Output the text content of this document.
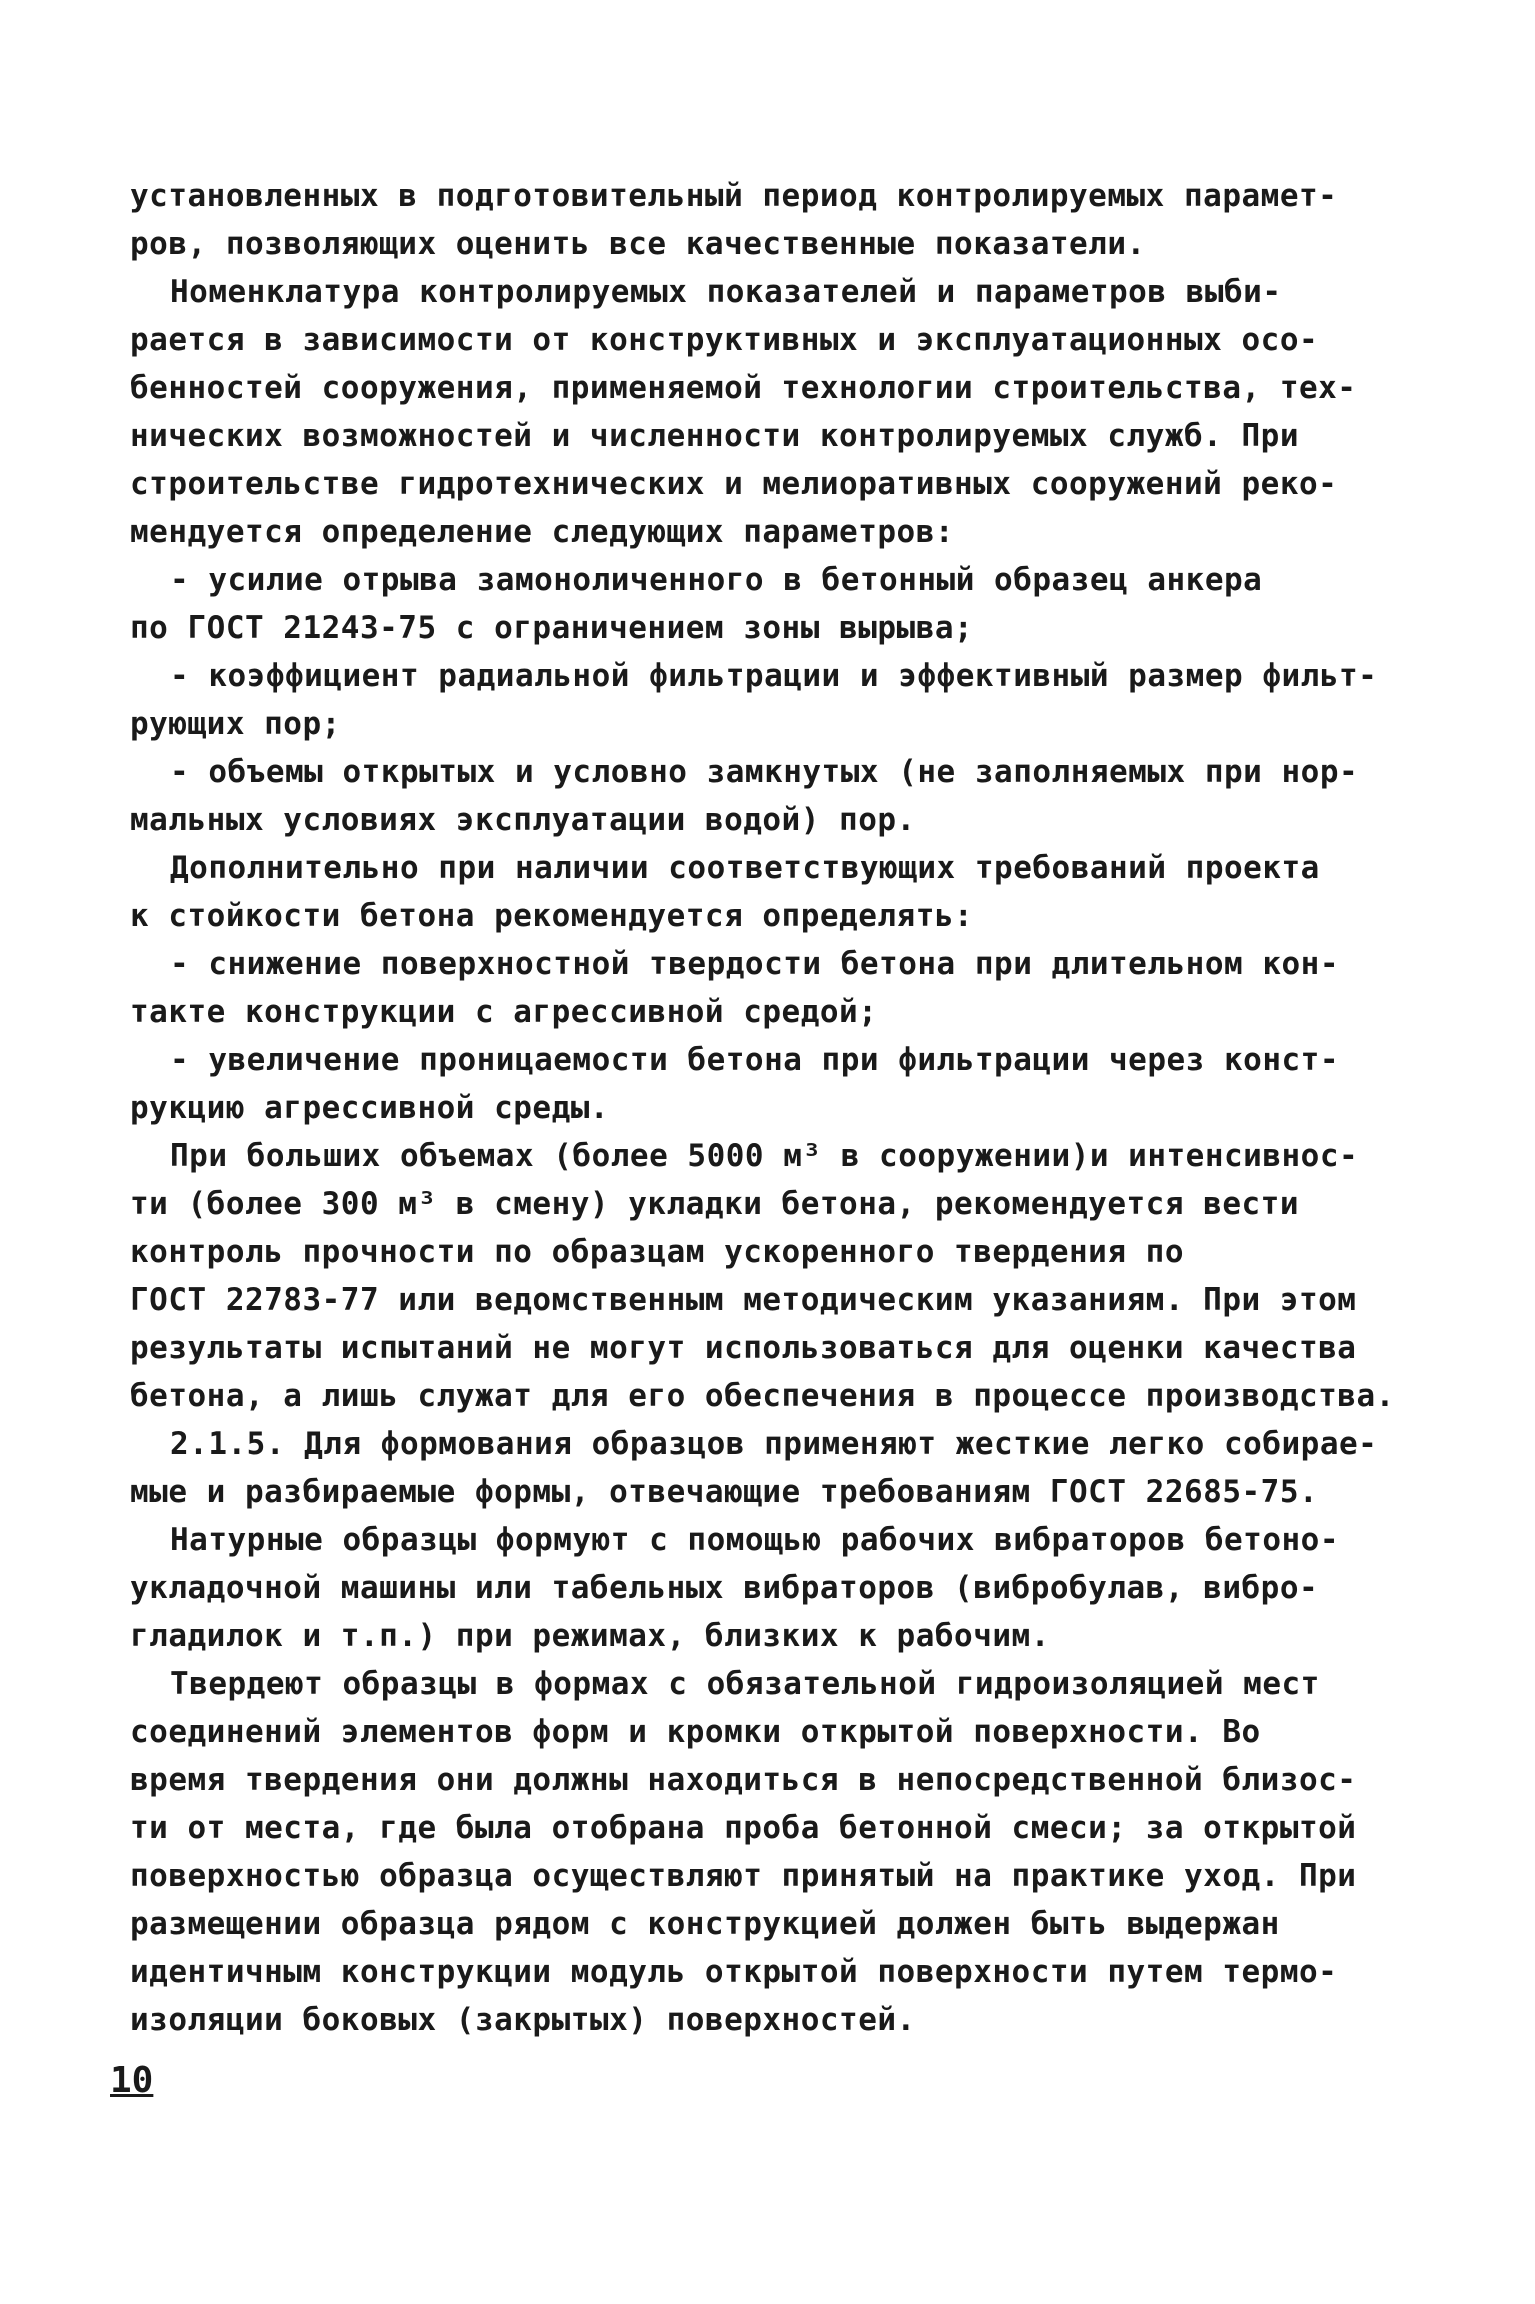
установленных в подготовительный период контролируемых парамет-
ров, позволяющих оценить все качественные показатели.
Номенклатура контролируемых показателей и параметров выби-
рается в зависимости от конструктивных и эксплуатационных осо-
бенностей сооружения, применяемой технологии строительства, тех-
нических возможностей и численности контролируемых служб. При
строительстве гидротехнических и мелиоративных сооружений реко-
мендуется определение следующих параметров:
- усилие отрыва замоноличенного в бетонный образец анкера
по ГОСТ 21243-75 с ограничением зоны вырыва;
- коэффициент радиальной фильтрации и эффективный размер фильт-
рующих пор;
- объемы открытых и условно замкнутых (не заполняемых при нор-
мальных условиях эксплуатации водой) пор.
Дополнительно при наличии соответствующих требований проекта
к стойкости бетона рекомендуется определять:
- снижение поверхностной твердости бетона при длительном кон-
такте конструкции с агрессивной средой;
- увеличение проницаемости бетона при фильтрации через конст-
рукцию агрессивной среды.
При больших объемах (более 5000 м³ в сооружении)и интенсивнос-
ти (более 300 м³ в смену) укладки бетона, рекомендуется вести
контроль прочности по образцам ускоренного твердения по
ГОСТ 22783-77 или ведомственным методическим указаниям. При этом
результаты испытаний не могут использоваться для оценки качества
бетона, а лишь служат для его обеспечения в процессе производства.
2.1.5. Для формования образцов применяют жесткие легко собирае-
мые и разбираемые формы, отвечающие требованиям ГОСТ 22685-75.
Натурные образцы формуют с помощью рабочих вибраторов бетоно-
укладочной машины или табельных вибраторов (вибробулав, вибро-
гладилок и т.п.) при режимах, близких к рабочим.
Твердеют образцы в формах с обязательной гидроизоляцией мест
соединений элементов форм и кромки открытой поверхности. Во
время твердения они должны находиться в непосредственной близос-
ти от места, где была отобрана проба бетонной смеси; за открытой
поверхностью образца осуществляют принятый на практике уход. При
размещении образца рядом с конструкцией должен быть выдержан
идентичным конструкции модуль открытой поверхности путем термо-
изоляции боковых (закрытых) поверхностей.
10
